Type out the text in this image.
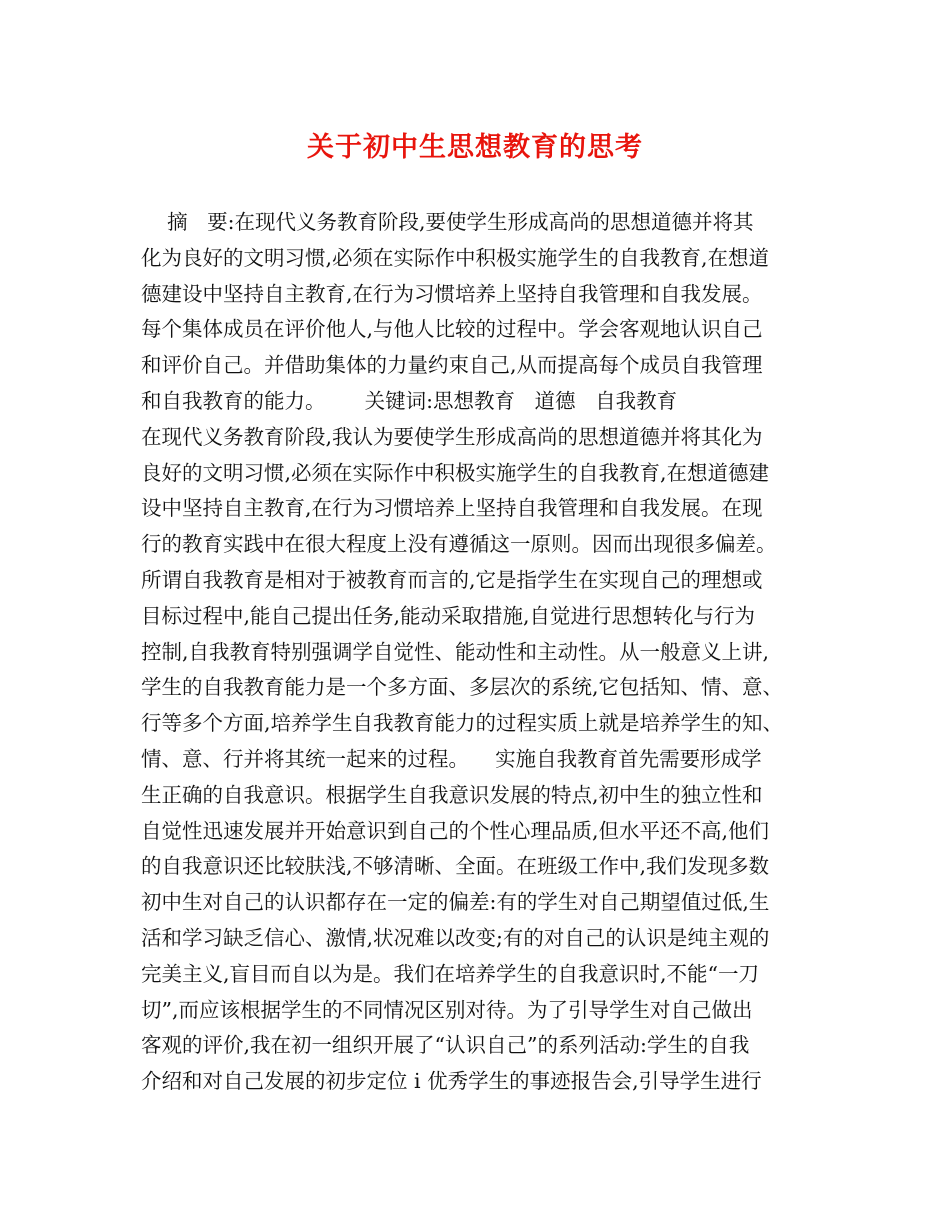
关于初中生思想教育的思考
摘   要:在现代义务教育阶段,要使学生形成高尚的思想道德并将其
化为良好的文明习惯,必须在实际作中积极实施学生的自我教育,在想道
德建设中坚持自主教育,在行为习惯培养上坚持自我管理和自我发展。
每个集体成员在评价他人,与他人比较的过程中。学会客观地认识自己
和评价自己。并借助集体的力量约束自己,从而提高每个成员自我管理
和自我教育的能力。      关键词:思想教育   道德   自我教育
在现代义务教育阶段,我认为要使学生形成高尚的思想道德并将其化为
良好的文明习惯,必须在实际作中积极实施学生的自我教育,在想道德建
设中坚持自主教育,在行为习惯培养上坚持自我管理和自我发展。在现
行的教育实践中在很大程度上没有遵循这一原则。因而出现很多偏差。
所谓自我教育是相对于被教育而言的,它是指学生在实现自己的理想或
目标过程中,能自己提出任务,能动采取措施,自觉进行思想转化与行为
控制,自我教育特别强调学自觉性、能动性和主动性。从一般意义上讲,
学生的自我教育能力是一个多方面、多层次的系统,它包括知、情、意、
行等多个方面,培养学生自我教育能力的过程实质上就是培养学生的知、
情、意、行并将其统一起来的过程。    实施自我教育首先需要形成学
生正确的自我意识。根据学生自我意识发展的特点,初中生的独立性和
自觉性迅速发展并开始意识到自己的个性心理品质,但水平还不高,他们
的自我意识还比较肤浅,不够清晰、全面。在班级工作中,我们发现多数
初中生对自己的认识都存在一定的偏差:有的学生对自己期望值过低,生
活和学习缺乏信心、激情,状况难以改变;有的对自己的认识是纯主观的
完美主义,盲目而自以为是。我们在培养学生的自我意识时,不能“一刀
切”,而应该根据学生的不同情况区别对待。为了引导学生对自己做出
客观的评价,我在初一组织开展了“认识自己”的系列活动:学生的自我
介绍和对自己发展的初步定位 i 优秀学生的事迹报告会,引导学生进行
